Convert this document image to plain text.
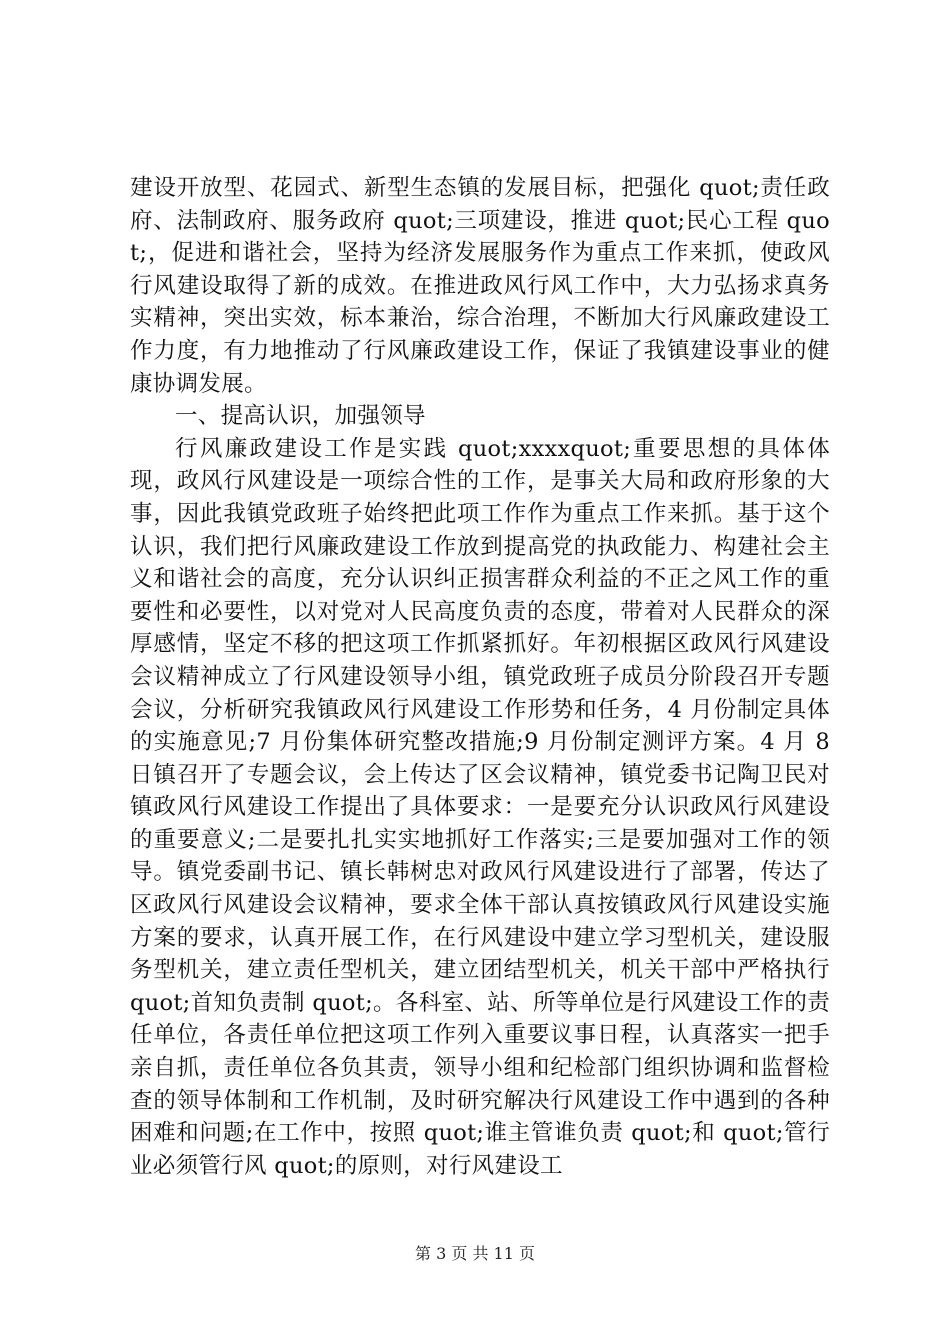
建设开放型、花园式、新型生态镇的发展目标，把强化 quot;责任政府、法制政府、服务政府 quot;三项建设，推进 quot;民心工程 quot;，促进和谐社会，坚持为经济发展服务作为重点工作来抓，使政风行风建设取得了新的成效。在推进政风行风工作中，大力弘扬求真务实精神，突出实效，标本兼治，综合治理，不断加大行风廉政建设工作力度，有力地推动了行风廉政建设工作，保证了我镇建设事业的健康协调发展。

一、提高认识，加强领导

行风廉政建设工作是实践 quot;xxxxquot;重要思想的具体体现，政风行风建设是一项综合性的工作，是事关大局和政府形象的大事，因此我镇党政班子始终把此项工作作为重点工作来抓。基于这个认识，我们把行风廉政建设工作放到提高党的执政能力、构建社会主义和谐社会的高度，充分认识纠正损害群众利益的不正之风工作的重要性和必要性，以对党对人民高度负责的态度，带着对人民群众的深厚感情，坚定不移的把这项工作抓紧抓好。年初根据区政风行风建设会议精神成立了行风建设领导小组，镇党政班子成员分阶段召开专题会议，分析研究我镇政风行风建设工作形势和任务，4 月份制定具体的实施意见;7 月份集体研究整改措施;9 月份制定测评方案。4 月 8 日镇召开了专题会议，会上传达了区会议精神，镇党委书记陶卫民对镇政风行风建设工作提出了具体要求：一是要充分认识政风行风建设的重要意义;二是要扎扎实实地抓好工作落实;三是要加强对工作的领导。镇党委副书记、镇长韩树忠对政风行风建设进行了部署，传达了区政风行风建设会议精神，要求全体干部认真按镇政风行风建设实施方案的要求，认真开展工作，在行风建设中建立学习型机关，建设服务型机关，建立责任型机关，建立团结型机关，机关干部中严格执行 quot;首知负责制 quot;。各科室、站、所等单位是行风建设工作的责任单位，各责任单位把这项工作列入重要议事日程，认真落实一把手亲自抓，责任单位各负其责，领导小组和纪检部门组织协调和监督检查的领导体制和工作机制，及时研究解决行风建设工作中遇到的各种困难和问题;在工作中，按照 quot;谁主管谁负责 quot;和 quot;管行业必须管行风 quot;的原则，对行风建设工

第 3 页 共 11 页
